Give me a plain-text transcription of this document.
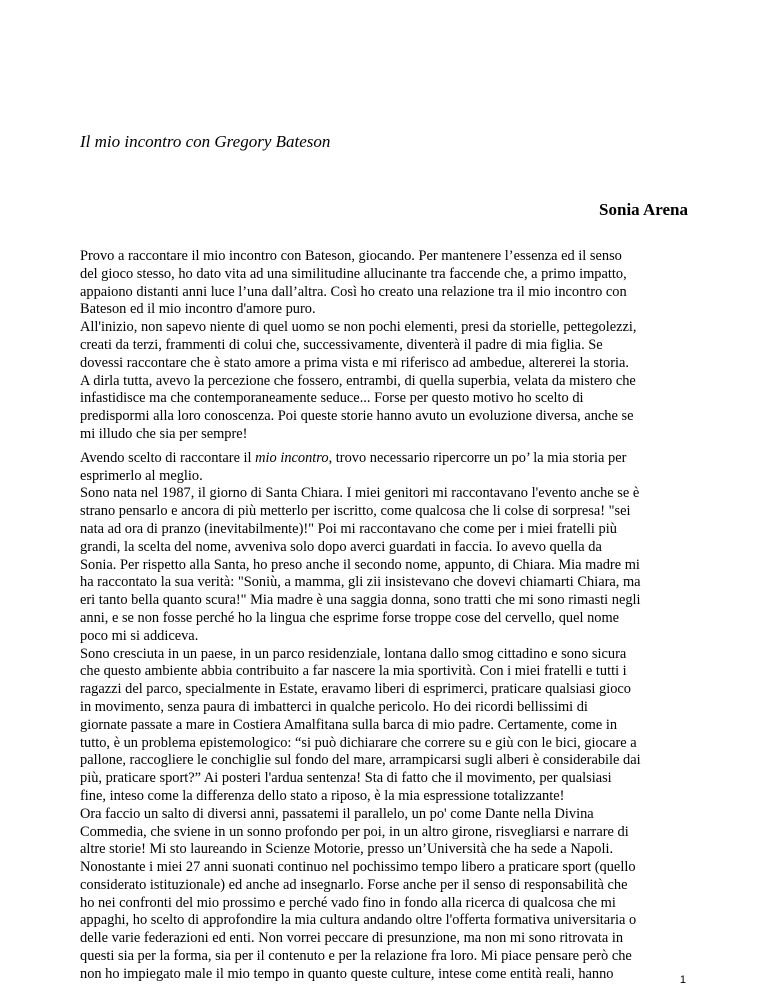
Il mio incontro con Gregory Bateson
Sonia Arena
Provo a raccontare il mio incontro con Bateson, giocando. Per mantenere l’essenza ed il senso
del gioco stesso, ho dato vita ad una similitudine allucinante tra faccende che, a primo impatto,
appaiono distanti anni luce l’una dall’altra. Così ho creato una relazione tra il mio incontro con
Bateson ed il mio incontro d'amore puro.
All'inizio, non sapevo niente di quel uomo se non pochi elementi, presi da storielle, pettegolezzi,
creati da terzi, frammenti di colui che, successivamente, diventerà il padre di mia figlia. Se
dovessi raccontare che è stato amore a prima vista e mi riferisco ad ambedue, altererei la storia.
A dirla tutta, avevo la percezione che fossero, entrambi, di quella superbia, velata da mistero che
infastidisce ma che contemporaneamente seduce... Forse per questo motivo ho scelto di
predispormi alla loro conoscenza. Poi queste storie hanno avuto un evoluzione diversa, anche se
mi illudo che sia per sempre!
Avendo scelto di raccontare il mio incontro, trovo necessario ripercorre un po’ la mia storia per
esprimerlo al meglio.
Sono nata nel 1987, il giorno di Santa Chiara. I miei genitori mi raccontavano l'evento anche se è
strano pensarlo e ancora di più metterlo per iscritto, come qualcosa che li colse di sorpresa! "sei
nata ad ora di pranzo (inevitabilmente)!" Poi mi raccontavano che come per i miei fratelli più
grandi, la scelta del nome, avveniva solo dopo averci guardati in faccia. Io avevo quella da
Sonia. Per rispetto alla Santa, ho preso anche il secondo nome, appunto, di Chiara. Mia madre mi
ha raccontato la sua verità: "Soniù, a mamma, gli zii insistevano che dovevi chiamarti Chiara, ma
eri tanto bella quanto scura!" Mia madre è una saggia donna, sono tratti che mi sono rimasti negli
anni, e se non fosse perché ho la lingua che esprime forse troppe cose del cervello, quel nome
poco mi si addiceva.
Sono cresciuta in un paese, in un parco residenziale, lontana dallo smog cittadino e sono sicura
che questo ambiente abbia contribuito a far nascere la mia sportività. Con i miei fratelli e tutti i
ragazzi del parco, specialmente in Estate, eravamo liberi di esprimerci, praticare qualsiasi gioco
in movimento, senza paura di imbatterci in qualche pericolo. Ho dei ricordi bellissimi di
giornate passate a mare in Costiera Amalfitana sulla barca di mio padre. Certamente, come in
tutto, è un problema epistemologico: “si può dichiarare che correre su e giù con le bici, giocare a
pallone, raccogliere le conchiglie sul fondo del mare, arrampicarsi sugli alberi è considerabile dai
più, praticare sport?” Ai posteri l'ardua sentenza! Sta di fatto che il movimento, per qualsiasi
fine, inteso come la differenza dello stato a riposo, è la mia espressione totalizzante!
Ora faccio un salto di diversi anni, passatemi il parallelo, un po' come Dante nella Divina
Commedia, che sviene in un sonno profondo per poi, in un altro girone, risvegliarsi e narrare di
altre storie! Mi sto laureando in Scienze Motorie, presso un’Università che ha sede a Napoli.
Nonostante i miei 27 anni suonati continuo nel pochissimo tempo libero a praticare sport (quello
considerato istituzionale) ed anche ad insegnarlo. Forse anche per il senso di responsabilità che
ho nei confronti del mio prossimo e perché vado fino in fondo alla ricerca di qualcosa che mi
appaghi, ho scelto di approfondire la mia cultura andando oltre l'offerta formativa universitaria o
delle varie federazioni ed enti. Non vorrei peccare di presunzione, ma non mi sono ritrovata in
questi sia per la forma, sia per il contenuto e per la relazione fra loro. Mi piace pensare però che
non ho impiegato male il mio tempo in quanto queste culture, intese come entità reali, hanno	1
